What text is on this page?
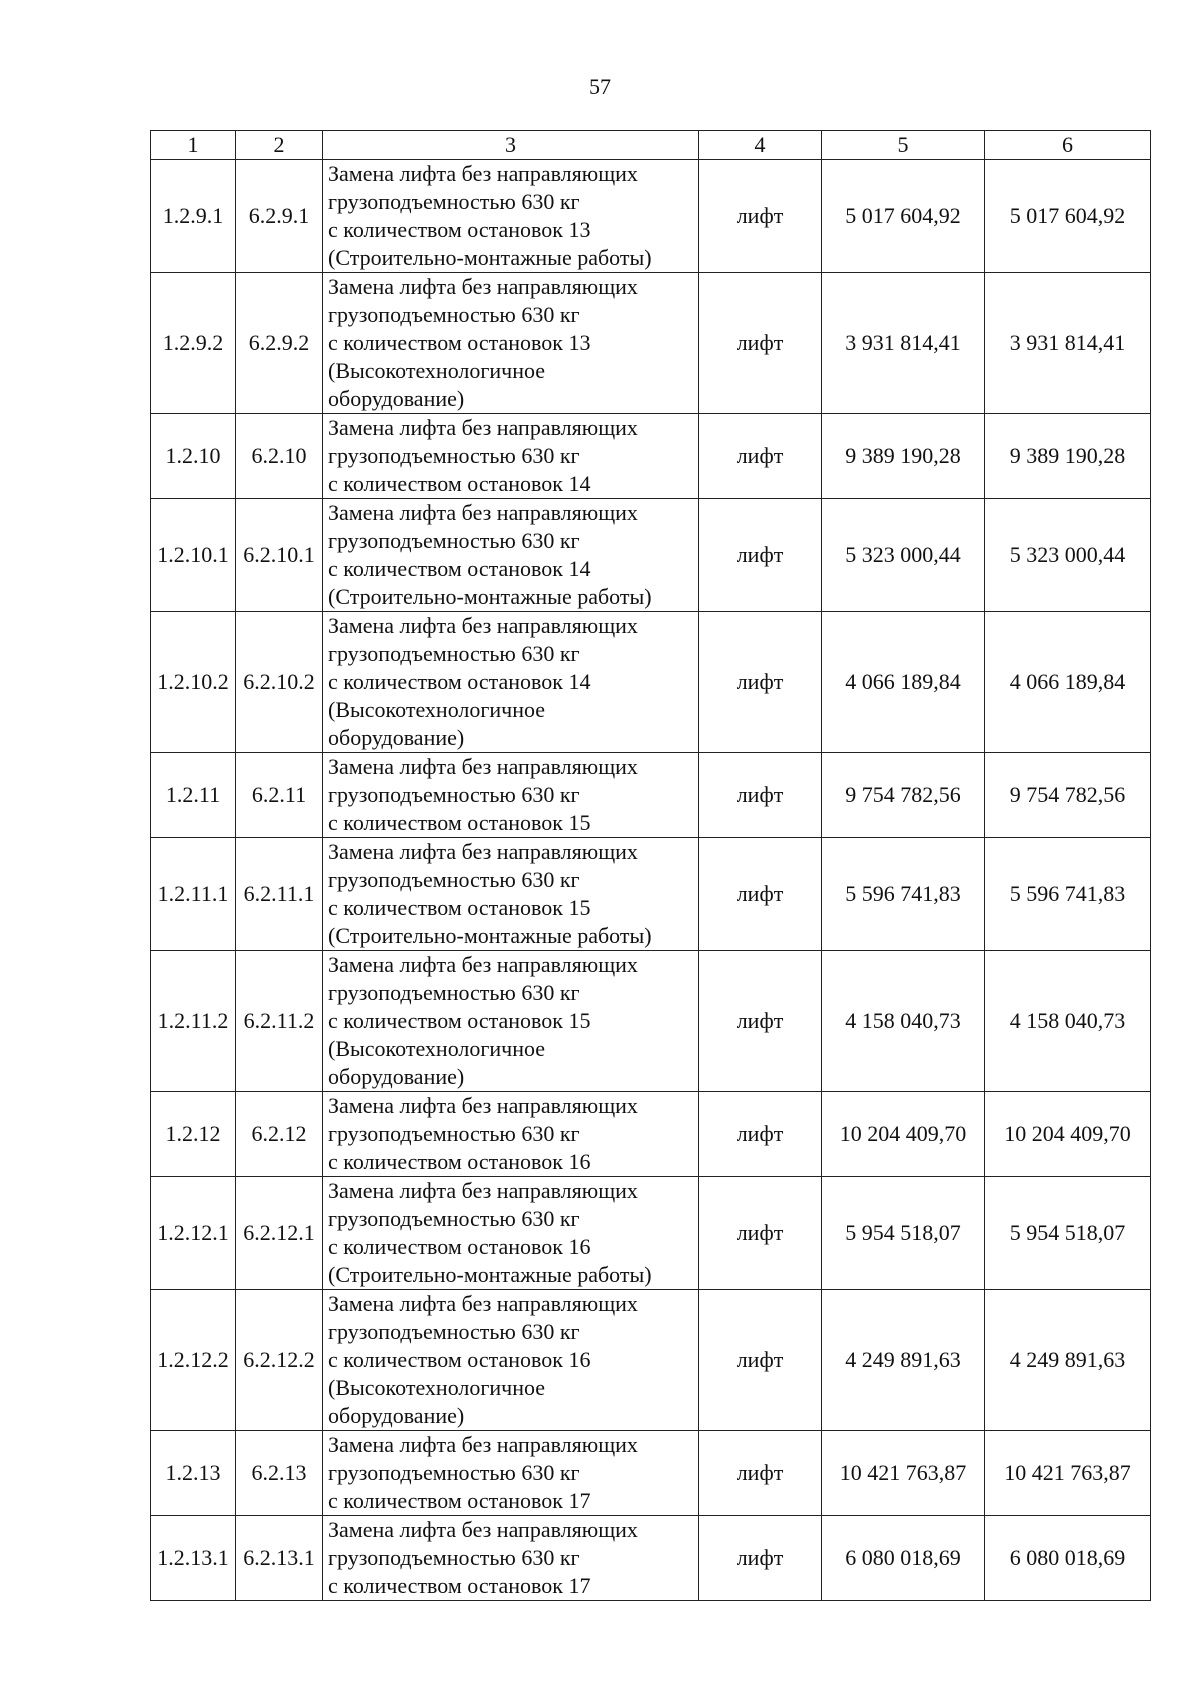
57
1	2	3	4	5	6
1.2.9.1	6.2.9.1	Замена лифта без направляющих
грузоподъемностью 630 кг
с количеством остановок 13
(Строительно-монтажные работы)	лифт	5 017 604,92	5 017 604,92
1.2.9.2	6.2.9.2	Замена лифта без направляющих
грузоподъемностью 630 кг
с количеством остановок 13
(Высокотехнологичное
оборудование)	лифт	3 931 814,41	3 931 814,41
1.2.10	6.2.10	Замена лифта без направляющих
грузоподъемностью 630 кг
с количеством остановок 14	лифт	9 389 190,28	9 389 190,28
1.2.10.1	6.2.10.1	Замена лифта без направляющих
грузоподъемностью 630 кг
с количеством остановок 14
(Строительно-монтажные работы)	лифт	5 323 000,44	5 323 000,44
1.2.10.2	6.2.10.2	Замена лифта без направляющих
грузоподъемностью 630 кг
с количеством остановок 14
(Высокотехнологичное
оборудование)	лифт	4 066 189,84	4 066 189,84
1.2.11	6.2.11	Замена лифта без направляющих
грузоподъемностью 630 кг
с количеством остановок 15	лифт	9 754 782,56	9 754 782,56
1.2.11.1	6.2.11.1	Замена лифта без направляющих
грузоподъемностью 630 кг
с количеством остановок 15
(Строительно-монтажные работы)	лифт	5 596 741,83	5 596 741,83
1.2.11.2	6.2.11.2	Замена лифта без направляющих
грузоподъемностью 630 кг
с количеством остановок 15
(Высокотехнологичное
оборудование)	лифт	4 158 040,73	4 158 040,73
1.2.12	6.2.12	Замена лифта без направляющих
грузоподъемностью 630 кг
с количеством остановок 16	лифт	10 204 409,70	10 204 409,70
1.2.12.1	6.2.12.1	Замена лифта без направляющих
грузоподъемностью 630 кг
с количеством остановок 16
(Строительно-монтажные работы)	лифт	5 954 518,07	5 954 518,07
1.2.12.2	6.2.12.2	Замена лифта без направляющих
грузоподъемностью 630 кг
с количеством остановок 16
(Высокотехнологичное
оборудование)	лифт	4 249 891,63	4 249 891,63
1.2.13	6.2.13	Замена лифта без направляющих
грузоподъемностью 630 кг
с количеством остановок 17	лифт	10 421 763,87	10 421 763,87
1.2.13.1	6.2.13.1	Замена лифта без направляющих
грузоподъемностью 630 кг
с количеством остановок 17	лифт	6 080 018,69	6 080 018,69
